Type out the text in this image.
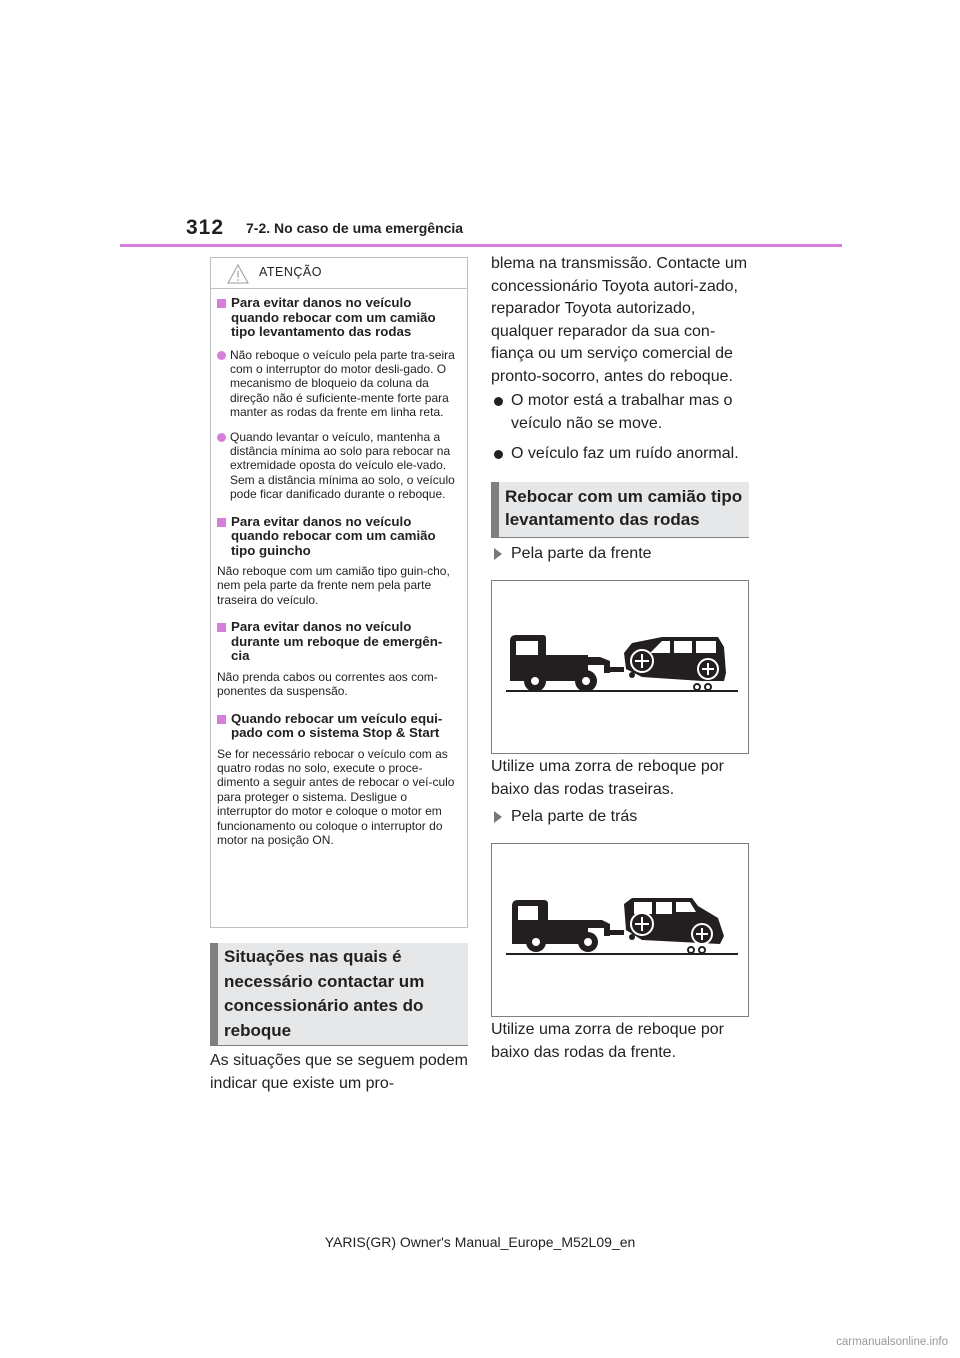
312 7-2. No caso de uma emergência
ATENÇÃO
Para evitar danos no veículo quando rebocar com um camião tipo levantamento das rodas
Não reboque o veículo pela parte tra-seira com o interruptor do motor desli-gado. O mecanismo de bloqueio da coluna da direção não é suficiente-mente forte para manter as rodas da frente em linha reta.
Quando levantar o veículo, mantenha a distância mínima ao solo para rebocar na extremidade oposta do veículo ele-vado. Sem a distância mínima ao solo, o veículo pode ficar danificado durante o reboque.
Para evitar danos no veículo quando rebocar com um camião tipo guincho
Não reboque com um camião tipo guin-cho, nem pela parte da frente nem pela parte traseira do veículo.
Para evitar danos no veículo durante um reboque de emergên-cia
Não prenda cabos ou correntes aos com-ponentes da suspensão.
Quando rebocar um veículo equi-pado com o sistema Stop & Start
Se for necessário rebocar o veículo com as quatro rodas no solo, execute o proce-dimento a seguir antes de rebocar o veí-culo para proteger o sistema. Desligue o interruptor do motor e coloque o motor em funcionamento ou coloque o interruptor do motor na posição ON.
Situações nas quais é necessário contactar um concessionário antes do reboque
As situações que se seguem podem indicar que existe um pro-
blema na transmissão. Contacte um concessionário Toyota autori-zado, reparador Toyota autorizado, qualquer reparador da sua con-fiança ou um serviço comercial de pronto-socorro, antes do reboque.
O motor está a trabalhar mas o veículo não se move.
O veículo faz um ruído anormal.
Rebocar com um camião tipo levantamento das rodas
Pela parte da frente
Utilize uma zorra de reboque por baixo das rodas traseiras.
Pela parte de trás
Utilize uma zorra de reboque por baixo das rodas da frente.
YARIS(GR) Owner's Manual_Europe_M52L09_en
carmanualsonline.info
